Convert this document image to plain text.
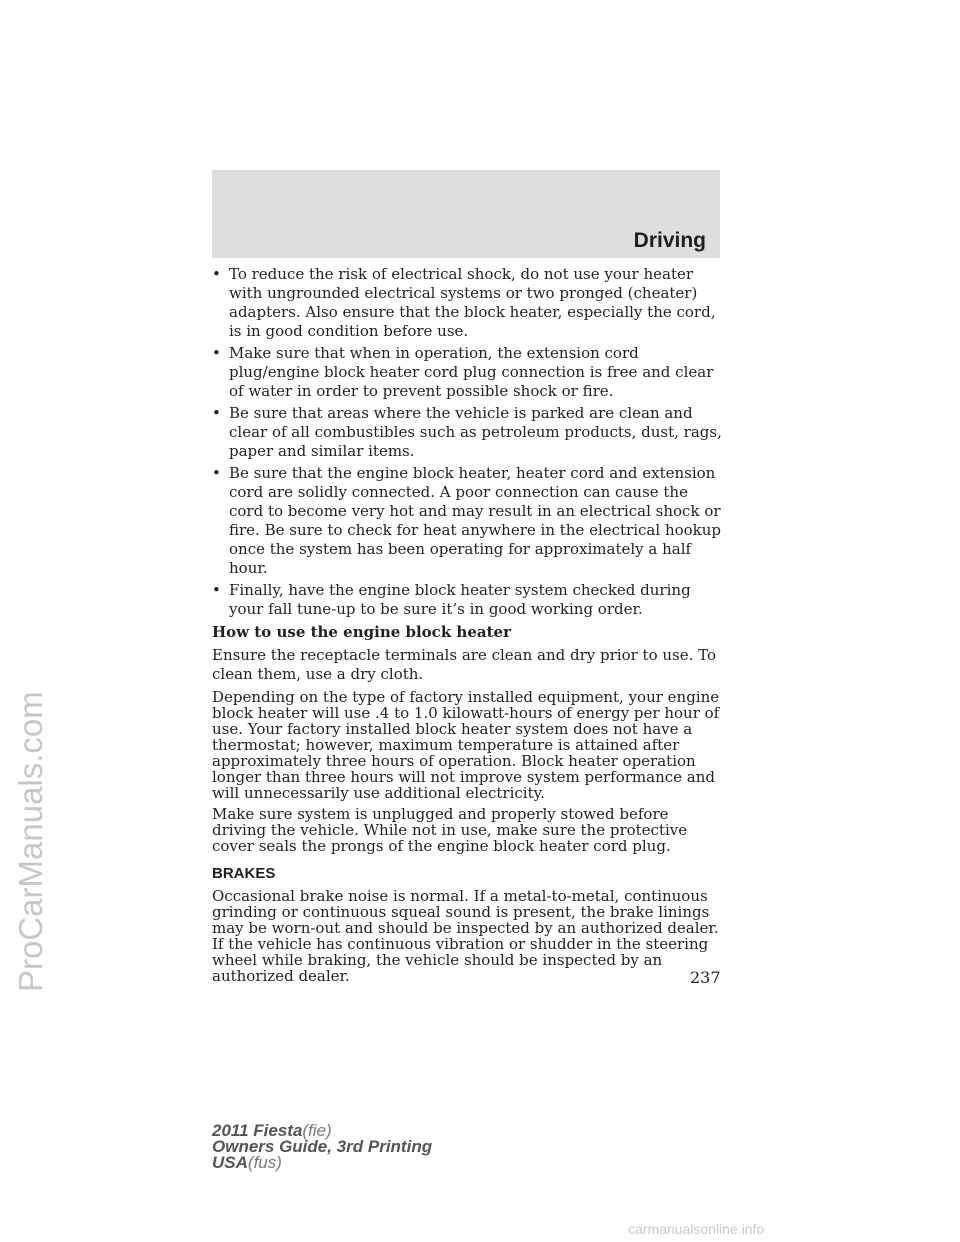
Driving
ProCarManuals.com
• To reduce the risk of electrical shock, do not use your heater with ungrounded electrical systems or two pronged (cheater) adapters. Also ensure that the block heater, especially the cord, is in good condition before use.
• Make sure that when in operation, the extension cord plug/engine block heater cord plug connection is free and clear of water in order to prevent possible shock or fire.
• Be sure that areas where the vehicle is parked are clean and clear of all combustibles such as petroleum products, dust, rags, paper and similar items.
• Be sure that the engine block heater, heater cord and extension cord are solidly connected. A poor connection can cause the cord to become very hot and may result in an electrical shock or fire. Be sure to check for heat anywhere in the electrical hookup once the system has been operating for approximately a half hour.
• Finally, have the engine block heater system checked during your fall tune-up to be sure it’s in good working order.
How to use the engine block heater

Ensure the receptacle terminals are clean and dry prior to use. To clean them, use a dry cloth.

Depending on the type of factory installed equipment, your engine block heater will use .4 to 1.0 kilowatt-hours of energy per hour of use. Your factory installed block heater system does not have a thermostat; however, maximum temperature is attained after approximately three hours of operation. Block heater operation longer than three hours will not improve system performance and will unnecessarily use additional electricity.

Make sure system is unplugged and properly stowed before driving the vehicle. While not in use, make sure the protective cover seals the prongs of the engine block heater cord plug.

BRAKES

Occasional brake noise is normal. If a metal-to-metal, continuous grinding or continuous squeal sound is present, the brake linings may be worn-out and should be inspected by an authorized dealer. If the vehicle has continuous vibration or shudder in the steering wheel while braking, the vehicle should be inspected by an authorized dealer.	237
2011 Fiesta(fie)
Owners Guide, 3rd Printing
USA(fus)
carmanualsonline.info
